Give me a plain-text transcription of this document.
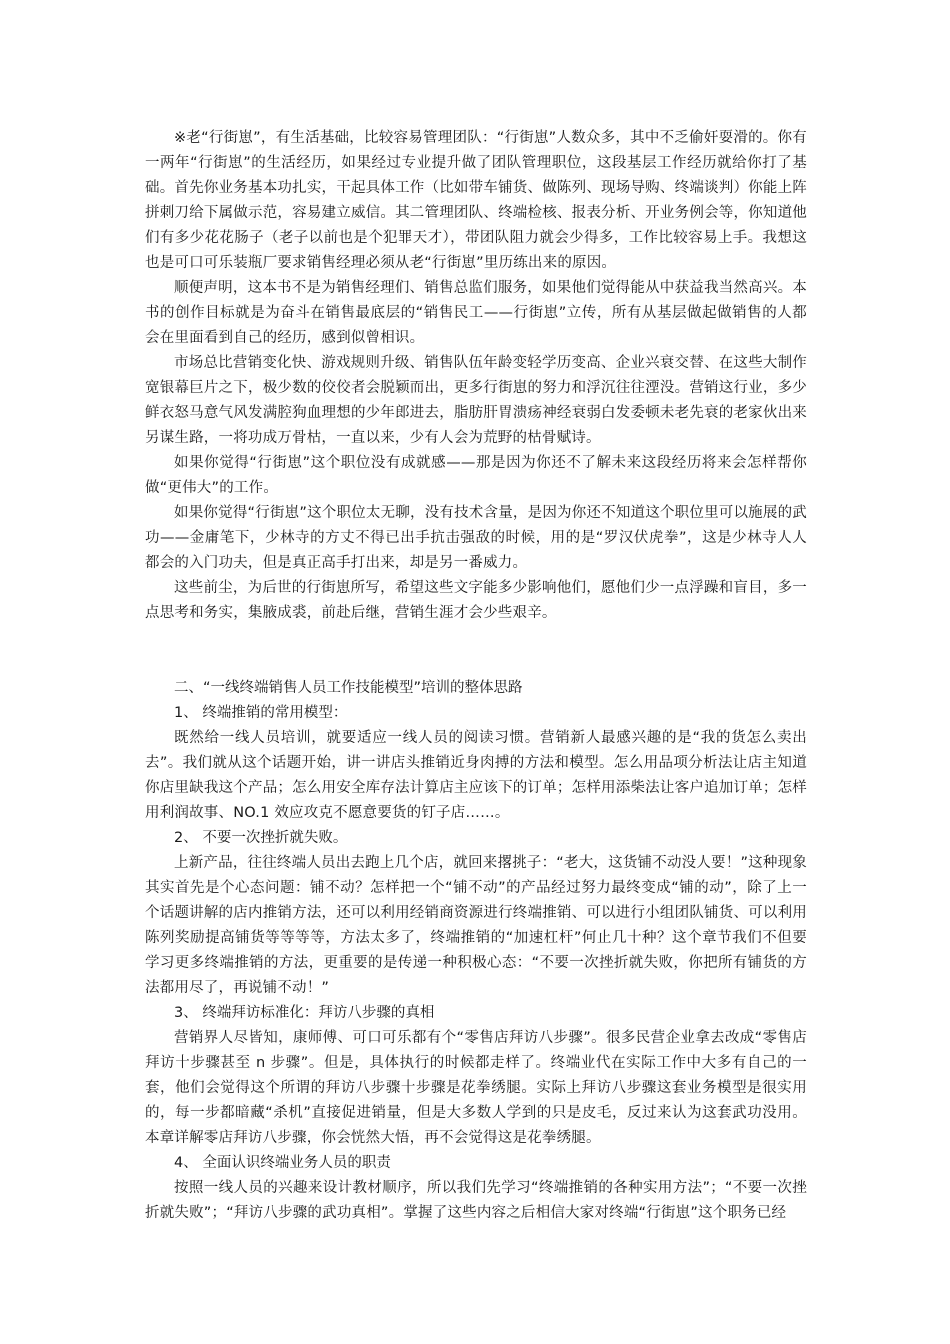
※老“行街崽”，有生活基础，比较容易管理团队：“行街崽”人数众多，其中不乏偷奸耍滑的。你有一两年“行街崽”的生活经历，如果经过专业提升做了团队管理职位，这段基层工作经历就给你打了基础。首先你业务基本功扎实，干起具体工作（比如带车铺货、做陈列、现场导购、终端谈判）你能上阵拼刺刀给下属做示范，容易建立威信。其二管理团队、终端检核、报表分析、开业务例会等，你知道他们有多少花花肠子（老子以前也是个犯罪天才），带团队阻力就会少得多，工作比较容易上手。我想这也是可口可乐装瓶厂要求销售经理必须从老“行街崽”里历练出来的原因。

顺便声明，这本书不是为销售经理们、销售总监们服务，如果他们觉得能从中获益我当然高兴。本书的创作目标就是为奋斗在销售最底层的“销售民工——行街崽”立传，所有从基层做起做销售的人都会在里面看到自己的经历，感到似曾相识。

市场总比营销变化快、游戏规则升级、销售队伍年龄变轻学历变高、企业兴衰交替、在这些大制作宽银幕巨片之下，极少数的佼佼者会脱颖而出，更多行街崽的努力和浮沉往往湮没。营销这行业，多少鲜衣怒马意气风发满腔狗血理想的少年郎进去，脂肪肝胃溃疡神经衰弱白发委顿未老先衰的老家伙出来另谋生路，一将功成万骨枯，一直以来，少有人会为荒野的枯骨赋诗。

如果你觉得“行街崽”这个职位没有成就感——那是因为你还不了解未来这段经历将来会怎样帮你做“更伟大”的工作。

如果你觉得“行街崽”这个职位太无聊，没有技术含量，是因为你还不知道这个职位里可以施展的武功——金庸笔下，少林寺的方丈不得已出手抗击强敌的时候，用的是“罗汉伏虎拳”，这是少林寺人人都会的入门功夫，但是真正高手打出来，却是另一番威力。

这些前尘，为后世的行街崽所写，希望这些文字能多少影响他们，愿他们少一点浮躁和盲目，多一点思考和务实，集腋成裘，前赴后继，营销生涯才会少些艰辛。

二、“一线终端销售人员工作技能模型”培训的整体思路

1、 终端推销的常用模型：

既然给一线人员培训，就要适应一线人员的阅读习惯。营销新人最感兴趣的是“我的货怎么卖出去”。我们就从这个话题开始，讲一讲店头推销近身肉搏的方法和模型。怎么用品项分析法让店主知道你店里缺我这个产品；怎么用安全库存法计算店主应该下的订单；怎样用添柴法让客户追加订单；怎样用利润故事、NO.1 效应攻克不愿意要货的钉子店……。

2、 不要一次挫折就失败。

上新产品，往往终端人员出去跑上几个店，就回来撂挑子：“老大，这货铺不动没人要！”这种现象其实首先是个心态问题：铺不动？怎样把一个“铺不动”的产品经过努力最终变成“铺的动”，除了上一个话题讲解的店内推销方法，还可以利用经销商资源进行终端推销、可以进行小组团队铺货、可以利用陈列奖励提高铺货等等等等，方法太多了，终端推销的“加速杠杆”何止几十种？这个章节我们不但要学习更多终端推销的方法，更重要的是传递一种积极心态：“不要一次挫折就失败，你把所有铺货的方法都用尽了，再说铺不动！”

3、 终端拜访标准化：拜访八步骤的真相

营销界人尽皆知，康师傅、可口可乐都有个“零售店拜访八步骤”。很多民营企业拿去改成“零售店拜访十步骤甚至 n 步骤”。但是，具体执行的时候都走样了。终端业代在实际工作中大多有自己的一套，他们会觉得这个所谓的拜访八步骤十步骤是花拳绣腿。实际上拜访八步骤这套业务模型是很实用的，每一步都暗藏“杀机”直接促进销量，但是大多数人学到的只是皮毛，反过来认为这套武功没用。本章详解零店拜访八步骤，你会恍然大悟，再不会觉得这是花拳绣腿。

4、 全面认识终端业务人员的职责

按照一线人员的兴趣来设计教材顺序，所以我们先学习“终端推销的各种实用方法”；“不要一次挫折就失败”；“拜访八步骤的武功真相”。掌握了这些内容之后相信大家对终端“行街崽”这个职务已经
